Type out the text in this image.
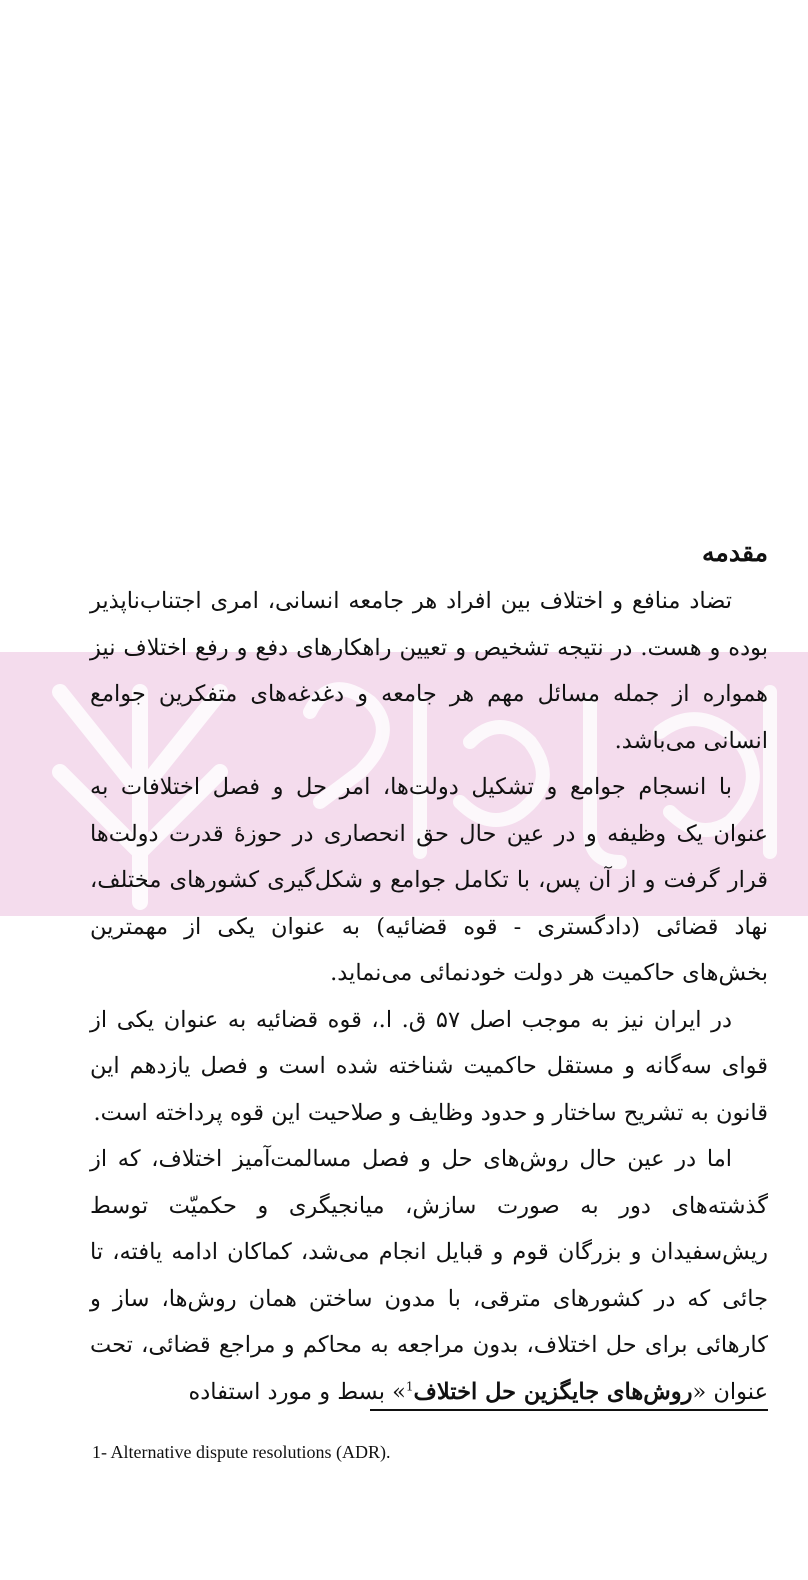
مقدمه

تضاد منافع و اختلاف بین افراد هر جامعه انسانی، امری اجتناب‌ناپذیر بوده و هست. در نتیجه تشخیص و تعیین راهکارهای دفع و رفع اختلاف نیز همواره از جمله مسائل مهم هر جامعه و دغدغه‌های متفکرین جوامع انسانی می‌باشد.

با انسجام جوامع و تشکیل دولت‌ها، امر حل و فصل اختلافات به عنوان یک وظیفه و در عین حال حق انحصاری در حوزهٔ قدرت دولت‌ها قرار گرفت و از آن پس، با تکامل جوامع و شکل‌گیری کشورهای مختلف، نهاد قضائی (دادگستری - قوه قضائیه) به عنوان یکی از مهمترین بخش‌های حاکمیت هر دولت خودنمائی می‌نماید.

در ایران نیز به موجب اصل ۵۷ ق. ا.، قوه قضائیه به عنوان یکی از قوای سه‌گانه و مستقل حاکمیت شناخته شده است و فصل یازدهم این قانون به تشریح ساختار و حدود وظایف و صلاحیت این قوه پرداخته است.

اما در عین حال روش‌های حل و فصل مسالمت‌آمیز اختلاف، که از گذشته‌های دور به صورت سازش، میانجیگری و حکمیّت توسط ریش‌سفیدان و بزرگان قوم و قبایل انجام می‌شد، کماکان ادامه یافته، تا جائی که در کشورهای مترقی، با مدون ساختن همان روش‌ها، ساز و کارهائی برای حل اختلاف، بدون مراجعه به محاکم و مراجع قضائی، تحت عنوان «روش‌های جایگزین حل اختلاف$^1$» بسط و مورد استفاده

1- Alternative dispute resolutions (ADR).
